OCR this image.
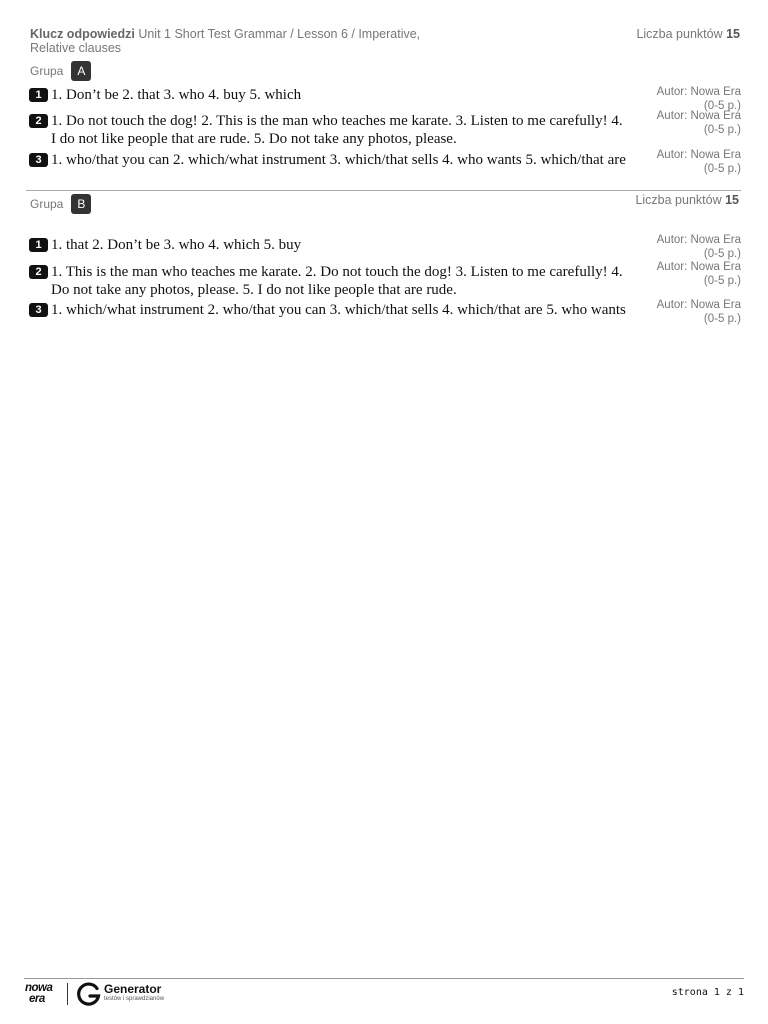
Klucz odpowiedzi Unit 1 Short Test Grammar / Lesson 6 / Imperative, Relative clauses
Liczba punktów 15
Grupa	A
1 1. Don’t be 2. that 3. who 4. buy 5. which	Autor: Nowa Era
(0-5 p.)
2 1. Do not touch the dog! 2. This is the man who teaches me karate. 3. Listen to me carefully! 4. I do not like people that are rude. 5. Do not take any photos, please.
Autor: Nowa Era
(0-5 p.)
3 1. who/that you can 2. which/what instrument 3. which/that sells 4. who wants 5. which/that are	Autor: Nowa Era
(0-5 p.)
Grupa	B	Liczba punktów 15
1 1. that 2. Don’t be 3. who 4. which 5. buy	Autor: Nowa Era
(0-5 p.)
2 1. This is the man who teaches me karate. 2. Do not touch the dog! 3. Listen to me carefully! 4. Do not take any photos, please. 5. I do not like people that are rude.
Autor: Nowa Era
(0-5 p.)
3 1. which/what instrument 2. who/that you can 3. which/that sells 4. which/that are 5. who wants	Autor: Nowa Era
(0-5 p.)
nowa
era
Generator
testów i sprawdzianów
strona 1 z 1
